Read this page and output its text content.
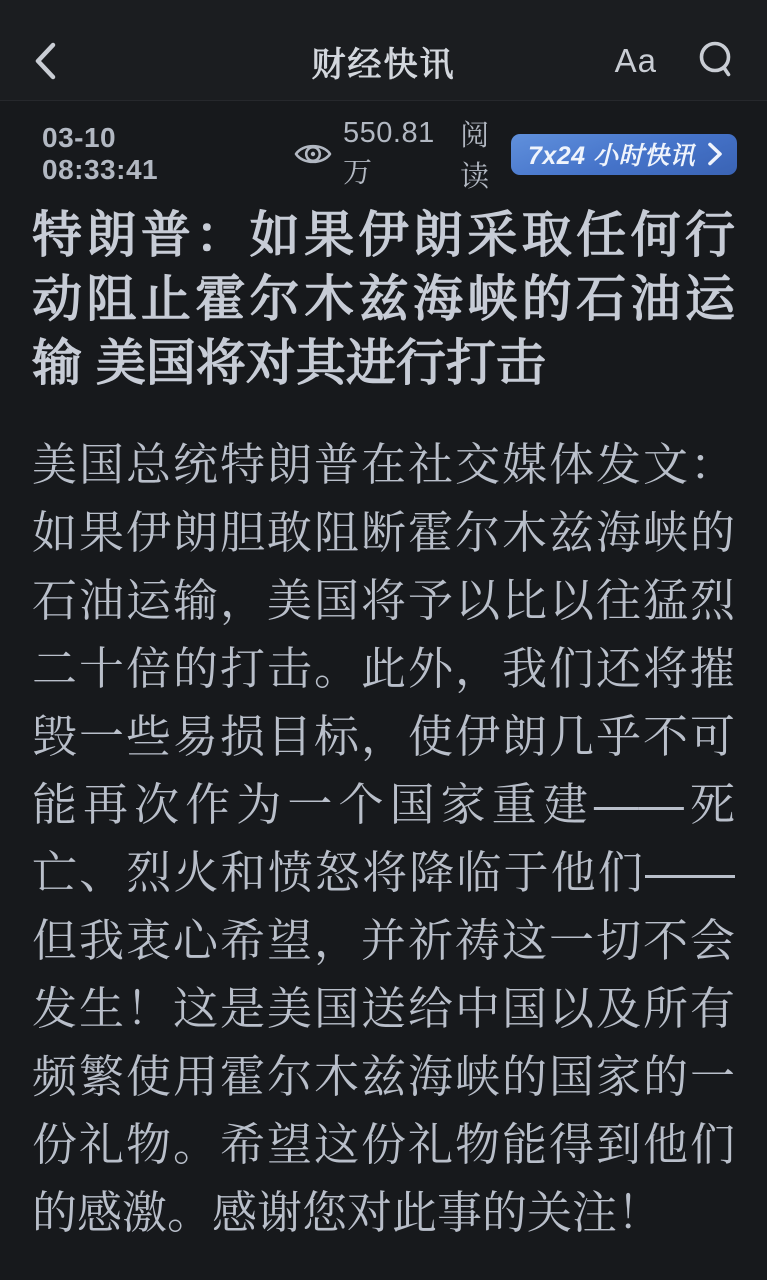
财经快讯	Aa
03-10 08:33:41
550.81万
阅读
7x24 小时快讯
特朗普：如果伊朗采取任何行
动阻止霍尔木兹海峡的石油运
输 美国将对其进行打击
美国总统特朗普在社交媒体发文：
如果伊朗胆敢阻断霍尔木兹海峡的
石油运输，美国将予以比以往猛烈
二十倍的打击。此外，我们还将摧
毁一些易损目标，使伊朗几乎不可
能再次作为一个国家重建——死
亡、烈火和愤怒将降临于他们——
但我衷心希望，并祈祷这一切不会
发生！这是美国送给中国以及所有
频繁使用霍尔木兹海峡的国家的一
份礼物。希望这份礼物能得到他们
的感激。感谢您对此事的关注！
